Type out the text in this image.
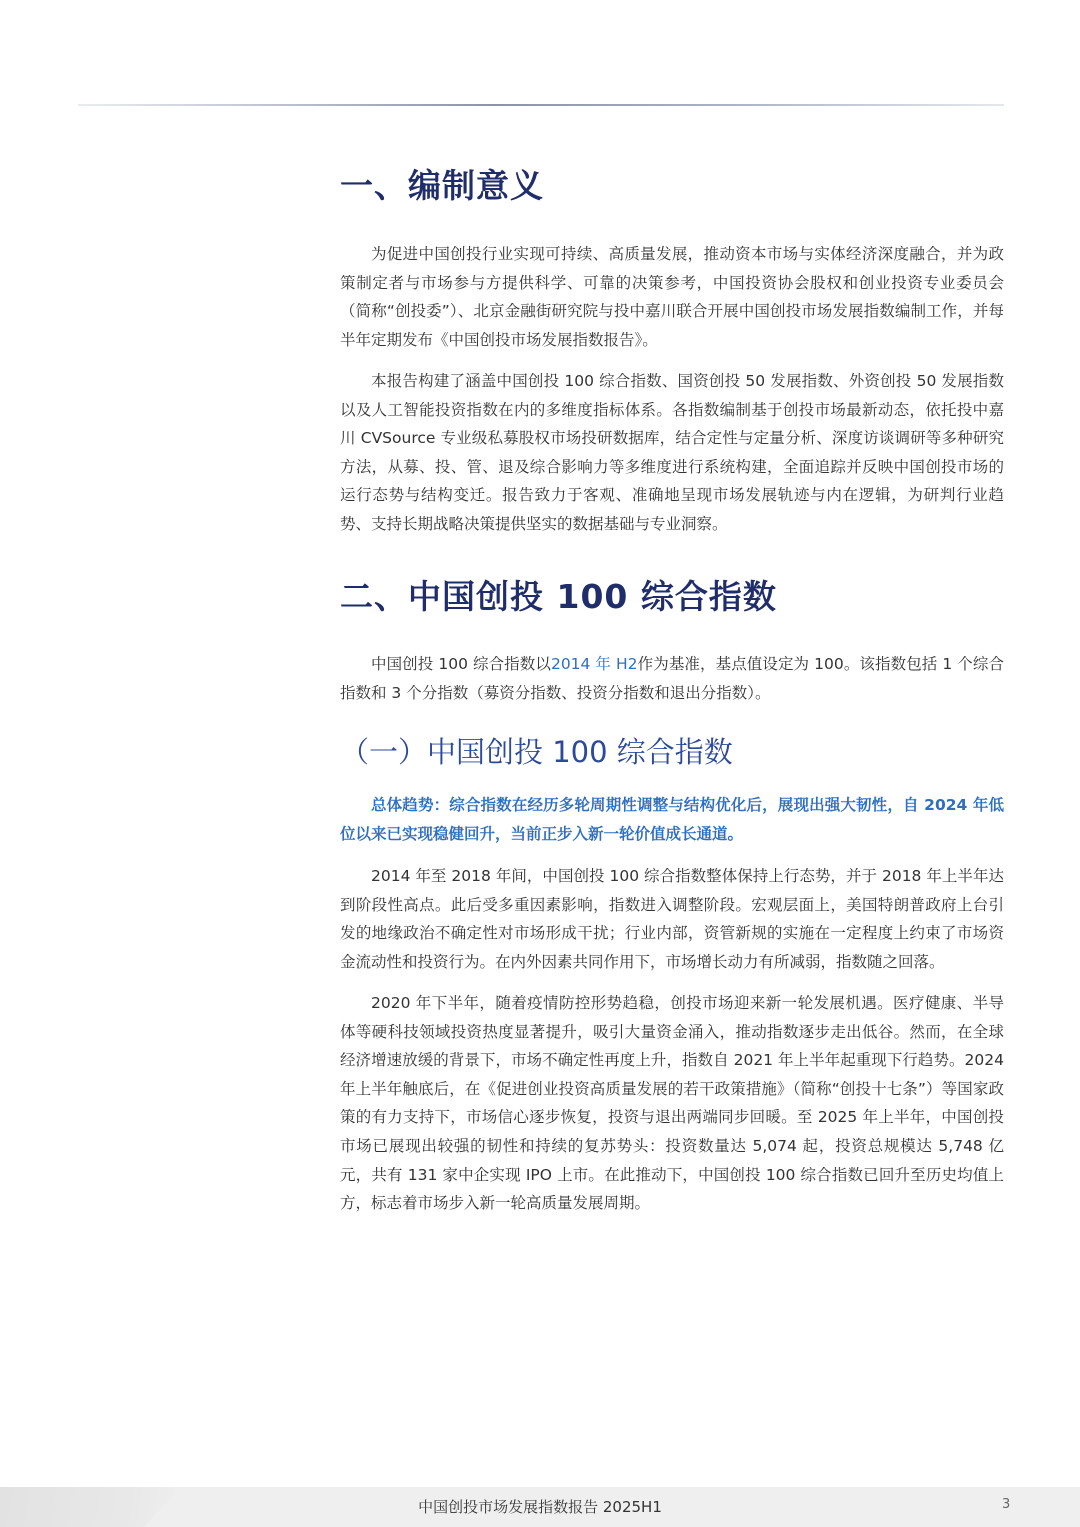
一、编制意义

为促进中国创投行业实现可持续、高质量发展，推动资本市场与实体经济深度融合，并为政策制定者与市场参与方提供科学、可靠的决策参考，中国投资协会股权和创业投资专业委员会（简称“创投委”）、北京金融街研究院与投中嘉川联合开展中国创投市场发展指数编制工作，并每半年定期发布《中国创投市场发展指数报告》。

本报告构建了涵盖中国创投 100 综合指数、国资创投 50 发展指数、外资创投 50 发展指数以及人工智能投资指数在内的多维度指标体系。各指数编制基于创投市场最新动态，依托投中嘉川 CVSource 专业级私募股权市场投研数据库，结合定性与定量分析、深度访谈调研等多种研究方法，从募、投、管、退及综合影响力等多维度进行系统构建，全面追踪并反映中国创投市场的运行态势与结构变迁。报告致力于客观、准确地呈现市场发展轨迹与内在逻辑，为研判行业趋势、支持长期战略决策提供坚实的数据基础与专业洞察。

二、中国创投 100 综合指数

中国创投 100 综合指数以2014 年 H2作为基准，基点值设定为 100。该指数包括 1 个综合指数和 3 个分指数（募资分指数、投资分指数和退出分指数）。

（一）中国创投 100 综合指数

总体趋势：综合指数在经历多轮周期性调整与结构优化后，展现出强大韧性，自 2024 年低位以来已实现稳健回升，当前正步入新一轮价值成长通道。

2014 年至 2018 年间，中国创投 100 综合指数整体保持上行态势，并于 2018 年上半年达到阶段性高点。此后受多重因素影响，指数进入调整阶段。宏观层面上，美国特朗普政府上台引发的地缘政治不确定性对市场形成干扰；行业内部，资管新规的实施在一定程度上约束了市场资金流动性和投资行为。在内外因素共同作用下，市场增长动力有所减弱，指数随之回落。

2020 年下半年，随着疫情防控形势趋稳，创投市场迎来新一轮发展机遇。医疗健康、半导体等硬科技领域投资热度显著提升，吸引大量资金涌入，推动指数逐步走出低谷。然而，在全球经济增速放缓的背景下，市场不确定性再度上升，指数自 2021 年上半年起重现下行趋势。2024 年上半年触底后，在《促进创业投资高质量发展的若干政策措施》（简称“创投十七条”）等国家政策的有力支持下，市场信心逐步恢复，投资与退出两端同步回暖。至 2025 年上半年，中国创投市场已展现出较强的韧性和持续的复苏势头：投资数量达 5,074 起，投资总规模达 5,748 亿元，共有 131 家中企实现 IPO 上市。在此推动下，中国创投 100 综合指数已回升至历史均值上方，标志着市场步入新一轮高质量发展周期。

中国创投市场发展指数报告 2025H1	3
